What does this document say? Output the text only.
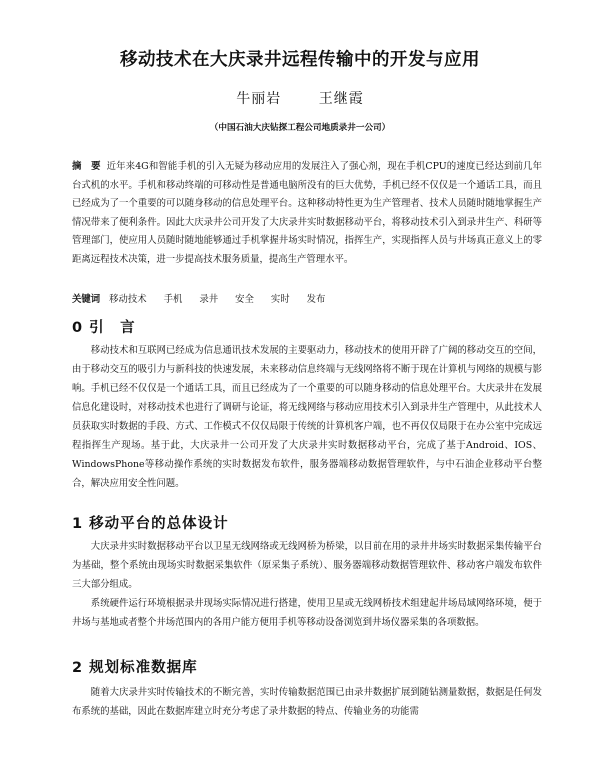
移动技术在大庆录井远程传输中的开发与应用
牛丽岩	王继霞
（中国石油大庆钻探工程公司地质录井一公司）
摘　要 近年来4G和智能手机的引入无疑为移动应用的发展注入了强心剂，现在手机CPU的速度已经达到前几年台式机的水平。手机和移动终端的可移动性是普通电脑所没有的巨大优势，手机已经不仅仅是一个通话工具，而且已经成为了一个重要的可以随身移动的信息处理平台。这种移动特性更为生产管理者、技术人员随时随地掌握生产情况带来了便利条件。因此大庆录井公司开发了大庆录井实时数据移动平台，将移动技术引入到录井生产、科研等管理部门，使应用人员随时随地能够通过手机掌握井场实时情况，指挥生产，实现指挥人员与井场真正意义上的零距离远程技术决策，进一步提高技术服务质量，提高生产管理水平。
关键词 移动技术 手机 录井 安全 实时 发布
0 引　言

移动技术和互联网已经成为信息通讯技术发展的主要驱动力，移动技术的使用开辟了广阔的移动交互的空间，由于移动交互的吸引力与新科技的快速发展，未来移动信息终端与无线网络将不断于现在计算机与网络的规模与影响。手机已经不仅仅是一个通话工具，而且已经成为了一个重要的可以随身移动的信息处理平台。大庆录井在发展信息化建设时，对移动技术也进行了调研与论证，将无线网络与移动应用技术引入到录井生产管理中，从此技术人员获取实时数据的手段、方式、工作模式不仅仅局限于传统的计算机客户端，也不再仅仅局限于在办公室中完成远程指挥生产现场。基于此，大庆录井一公司开发了大庆录井实时数据移动平台，完成了基于Android、IOS、WindowsPhone等移动操作系统的实时数据发布软件，服务器端移动数据管理软件，与中石油企业移动平台整合，解决应用安全性问题。

1 移动平台的总体设计

大庆录井实时数据移动平台以卫星无线网络或无线网桥为桥梁，以目前在用的录井井场实时数据采集传输平台为基础，整个系统由现场实时数据采集软件（原采集子系统）、服务器端移动数据管理软件、移动客户端发布软件三大部分组成。

系统硬件运行环境根据录井现场实际情况进行搭建，使用卫星或无线网桥技术组建起井场局域网络环境，便于井场与基地或者整个井场范围内的各用户能方便用手机等移动设备浏览到井场仪器采集的各项数据。

2 规划标准数据库

随着大庆录井实时传输技术的不断完善，实时传输数据范围已由录井数据扩展到随钻测量数据，数据是任何发布系统的基础，因此在数据库建立时充分考虑了录井数据的特点、传输业务的功能需
